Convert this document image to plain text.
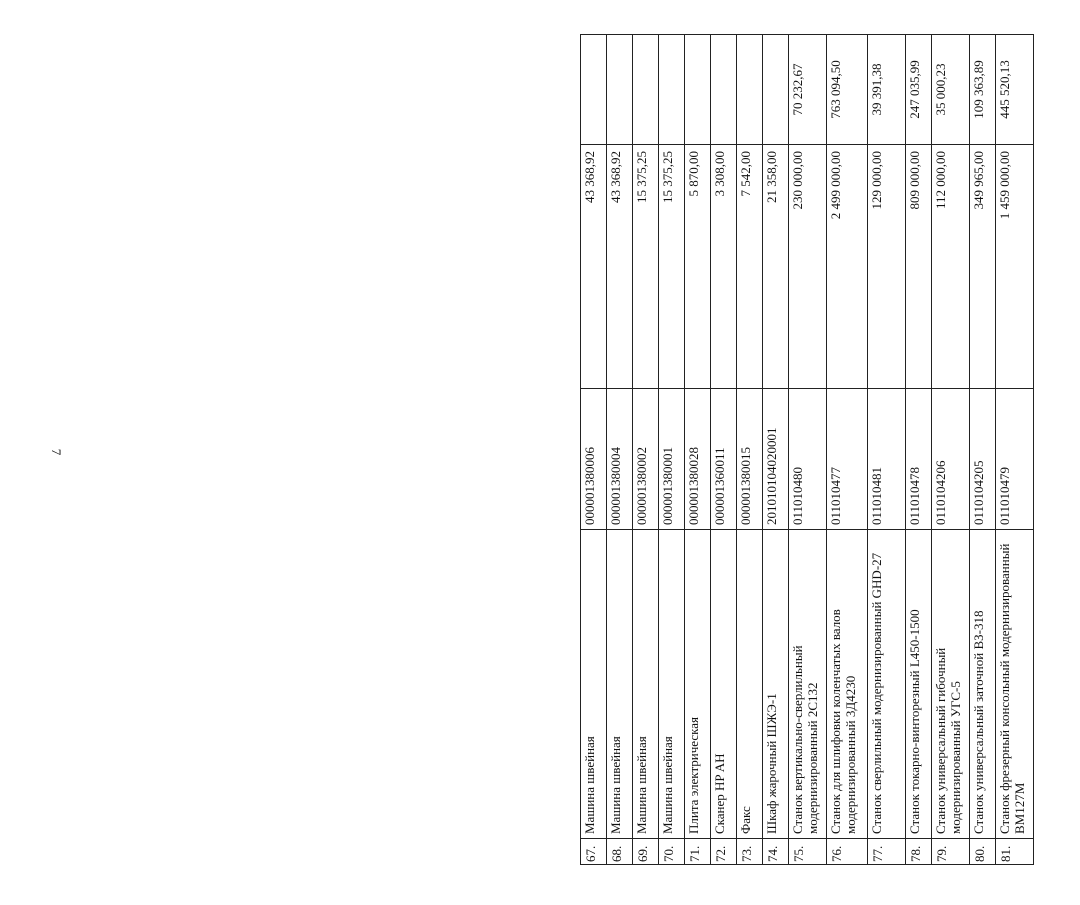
7
67.	Машина швейная	000001380006	43 368,92	
68.	Машина швейная	000001380004	43 368,92	
69.	Машина швейная	000001380002	15 375,25	
70.	Машина швейная	000001380001	15 375,25	
71.	Плита электрическая	000001380028	5 870,00	
72.	Сканер HP AH	000001360011	3 308,00	
73.	Факс	000001380015	7 542,00	
74.	Шкаф жарочный ШЖЭ-1	201010104020001	21 358,00	
75.	Станок вертикально-сверлильный модернизированный 2С132	011010480	230 000,00	70 232,67
76.	Станок для шлифовки коленчатых валов модернизированный 3Д4230	011010477	2 499 000,00	763 094,50
77.	Станок сверлильный модернизированный GHD-27	011010481	129 000,00	39 391,38
78.	Станок токарно-винторезный L450-1500	011010478	809 000,00	247 035,99
79.	Станок универсальный гибочный модернизированный УГС-5	0110104206	112 000,00	35 000,23
80.	Станок универсальный заточной ВЗ-318	0110104205	349 965,00	109 363,89
81.	Станок фрезерный консольный модернизированный ВМ127М	011010479	1 459 000,00	445 520,13
